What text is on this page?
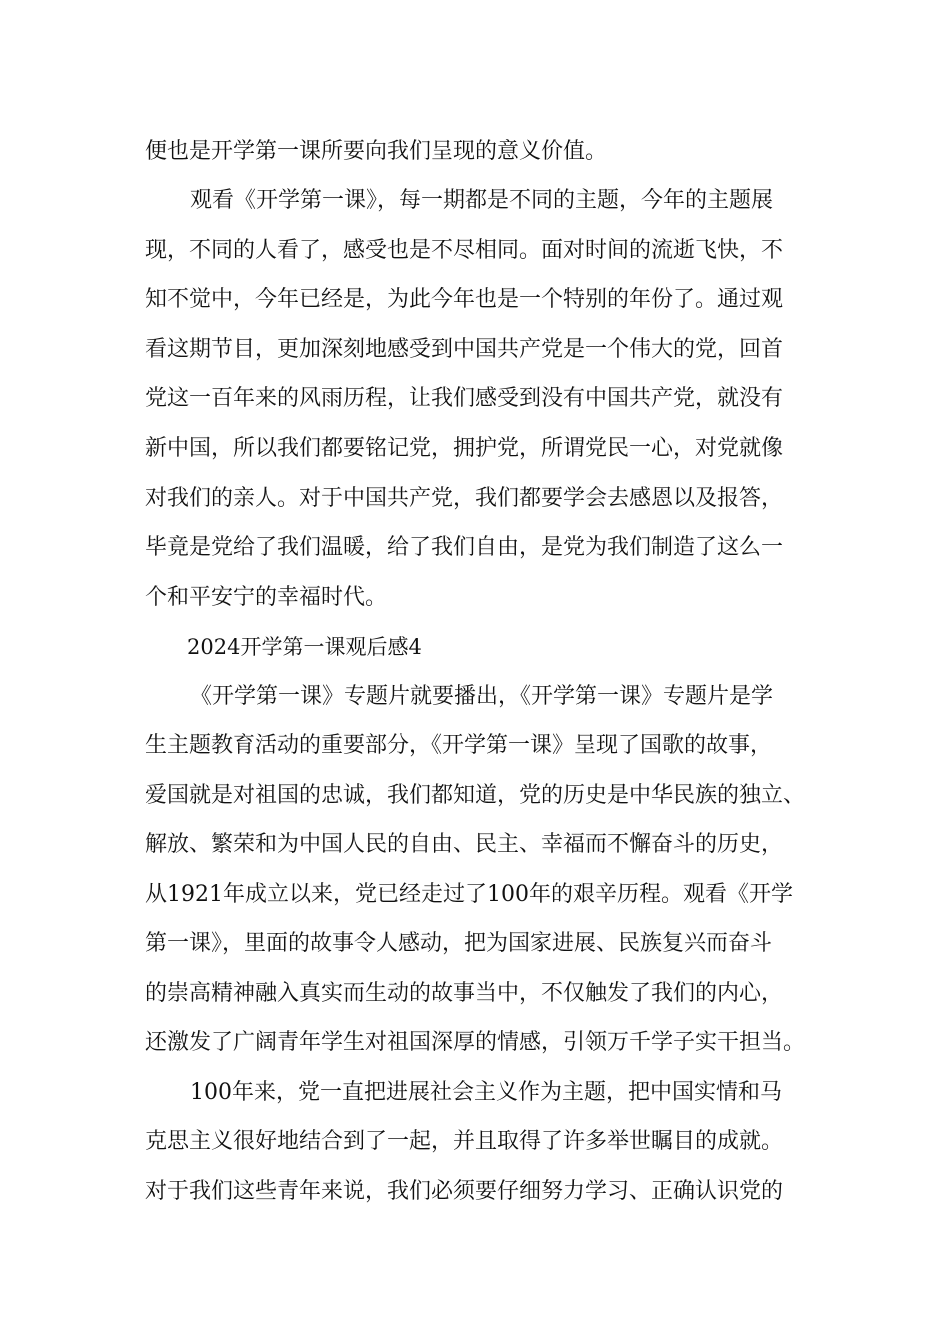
便也是开学第一课所要向我们呈现的意义价值。
观看《开学第一课》，每一期都是不同的主题，今年的主题展
现，不同的人看了，感受也是不尽相同。面对时间的流逝飞快，不
知不觉中，今年已经是，为此今年也是一个特别的年份了。通过观
看这期节目，更加深刻地感受到中国共产党是一个伟大的党，回首
党这一百年来的风雨历程，让我们感受到没有中国共产党，就没有
新中国，所以我们都要铭记党，拥护党，所谓党民一心，对党就像
对我们的亲人。对于中国共产党，我们都要学会去感恩以及报答，
毕竟是党给了我们温暖，给了我们自由，是党为我们制造了这么一
个和平安宁的幸福时代。
2024开学第一课观后感4
《开学第一课》专题片就要播出，《开学第一课》专题片是学
生主题教育活动的重要部分，《开学第一课》呈现了国歌的故事，
爱国就是对祖国的忠诚，我们都知道，党的历史是中华民族的独立、
解放、繁荣和为中国人民的自由、民主、幸福而不懈奋斗的历史，
从1921年成立以来，党已经走过了100年的艰辛历程。观看《开学
第一课》，里面的故事令人感动，把为国家进展、民族复兴而奋斗
的崇高精神融入真实而生动的故事当中，不仅触发了我们的内心，
还激发了广阔青年学生对祖国深厚的情感，引领万千学子实干担当。
100年来，党一直把进展社会主义作为主题，把中国实情和马
克思主义很好地结合到了一起，并且取得了许多举世瞩目的成就。
对于我们这些青年来说，我们必须要仔细努力学习、正确认识党的
